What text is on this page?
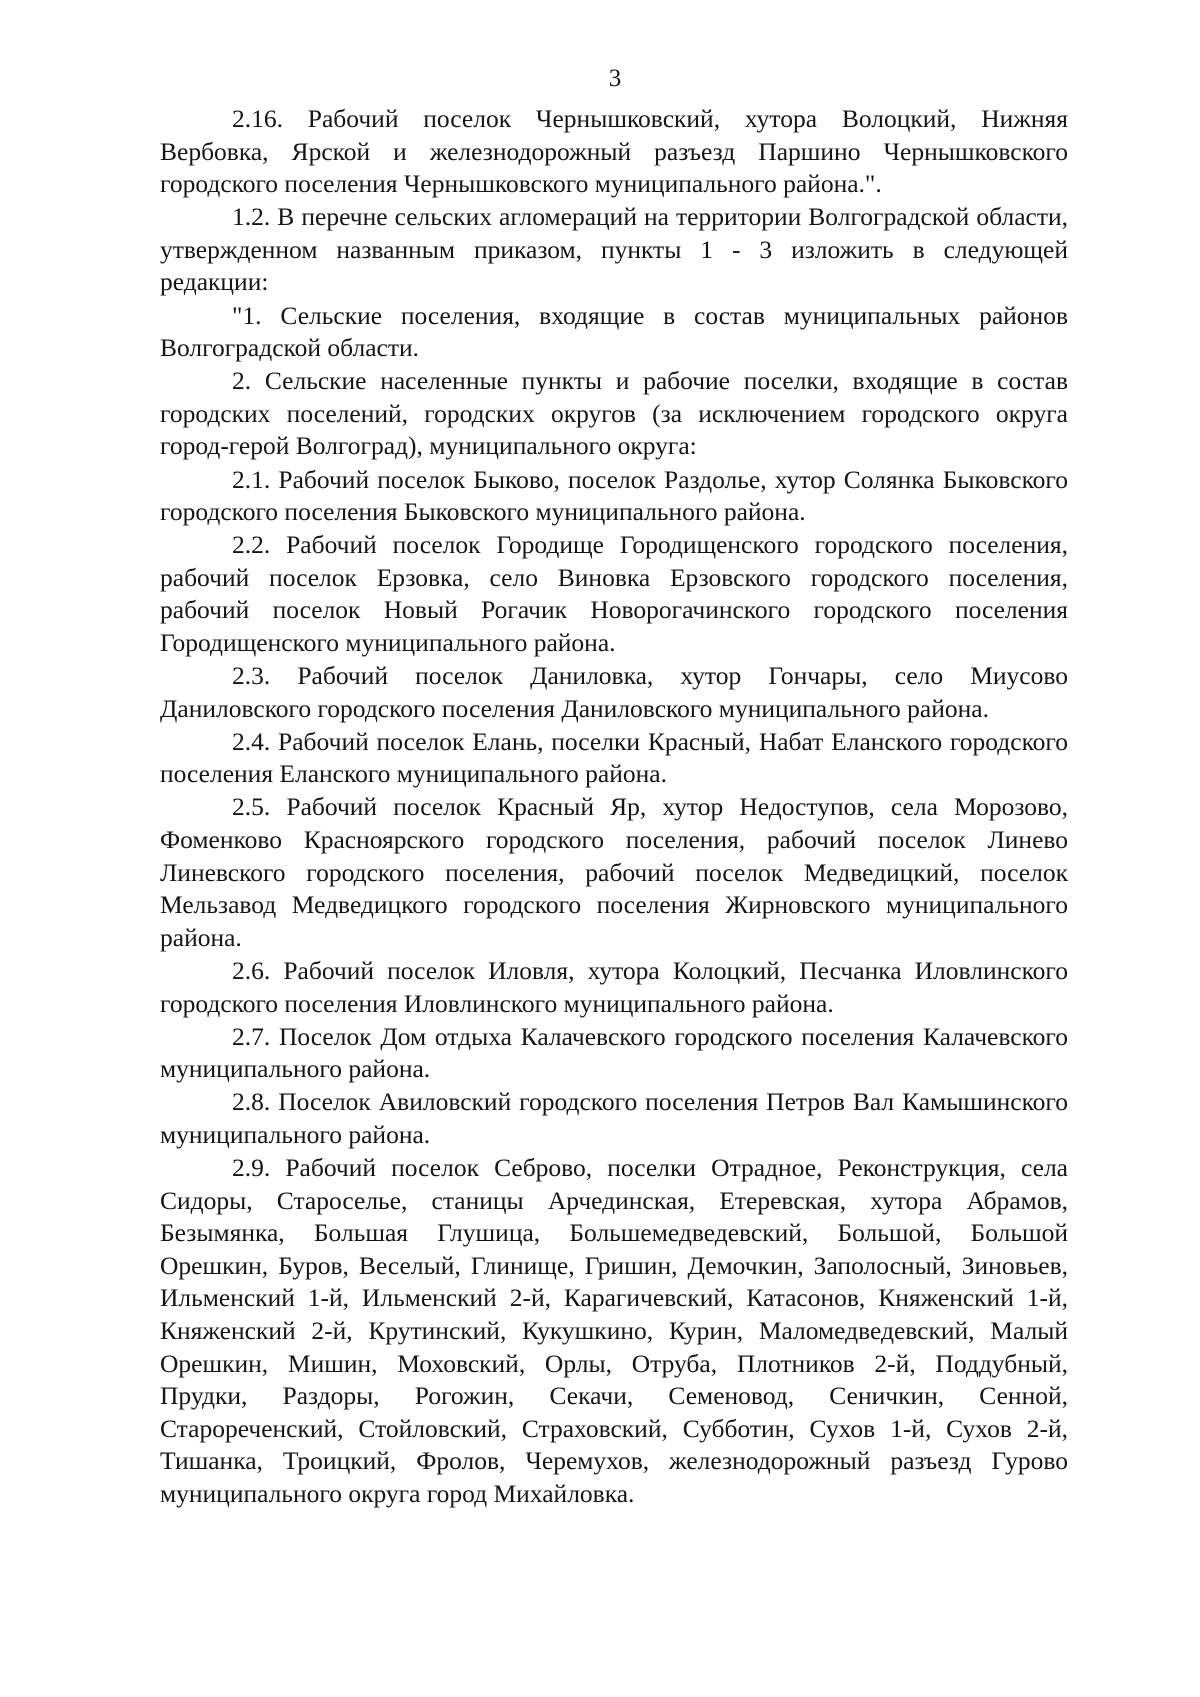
3

2.16. Рабочий поселок Чернышковский, хутора Волоцкий, Нижняя Вербовка, Ярской и железнодорожный разъезд Паршино Чернышковского городского поселения Чернышковского муниципального района.".

1.2. В перечне сельских агломераций на территории Волгоградской области, утвержденном названным приказом, пункты 1 - 3 изложить в следующей редакции:

"1. Сельские поселения, входящие в состав муниципальных районов Волгоградской области.

2. Сельские населенные пункты и рабочие поселки, входящие в состав городских поселений, городских округов (за исключением городского округа город-герой Волгоград), муниципального округа:

2.1. Рабочий поселок Быково, поселок Раздолье, хутор Солянка Быковского городского поселения Быковского муниципального района.

2.2. Рабочий поселок Городище Городищенского городского поселения, рабочий поселок Ерзовка, село Виновка Ерзовского городского поселения, рабочий поселок Новый Рогачик Новорогачинского городского поселения Городищенского муниципального района.

2.3. Рабочий поселок Даниловка, хутор Гончары, село Миусово Даниловского городского поселения Даниловского муниципального района.

2.4. Рабочий поселок Елань, поселки Красный, Набат Еланского городского поселения Еланского муниципального района.

2.5. Рабочий поселок Красный Яр, хутор Недоступов, села Морозово, Фоменково Красноярского городского поселения, рабочий поселок Линево Линевского городского поселения, рабочий поселок Медведицкий, поселок Мельзавод Медведицкого городского поселения Жирновского муниципального района.

2.6. Рабочий поселок Иловля, хутора Колоцкий, Песчанка Иловлинского городского поселения Иловлинского муниципального района.

2.7. Поселок Дом отдыха Калачевского городского поселения Калачевского муниципального района.

2.8. Поселок Авиловский городского поселения Петров Вал Камышинского муниципального района.

2.9. Рабочий поселок Себрово, поселки Отрадное, Реконструкция, села Сидоры, Староселье, станицы Арчединская, Етеревская, хутора Абрамов, Безымянка, Большая Глушица, Большемедведевский, Большой, Большой Орешкин, Буров, Веселый, Глинище, Гришин, Демочкин, Заполосный, Зиновьев, Ильменский 1-й, Ильменский 2-й, Карагичевский, Катасонов, Княженский 1-й, Княженский 2-й, Крутинский, Кукушкино, Курин, Маломедведевский, Малый Орешкин, Мишин, Моховский, Орлы, Отруба, Плотников 2-й, Поддубный, Прудки, Раздоры, Рогожин, Секачи, Семеновод, Сеничкин, Сенной, Старореченский, Стойловский, Страховский, Субботин, Сухов 1-й, Сухов 2-й, Тишанка, Троицкий, Фролов, Черемухов, железнодорожный разъезд Гурово муниципального округа город Михайловка.
